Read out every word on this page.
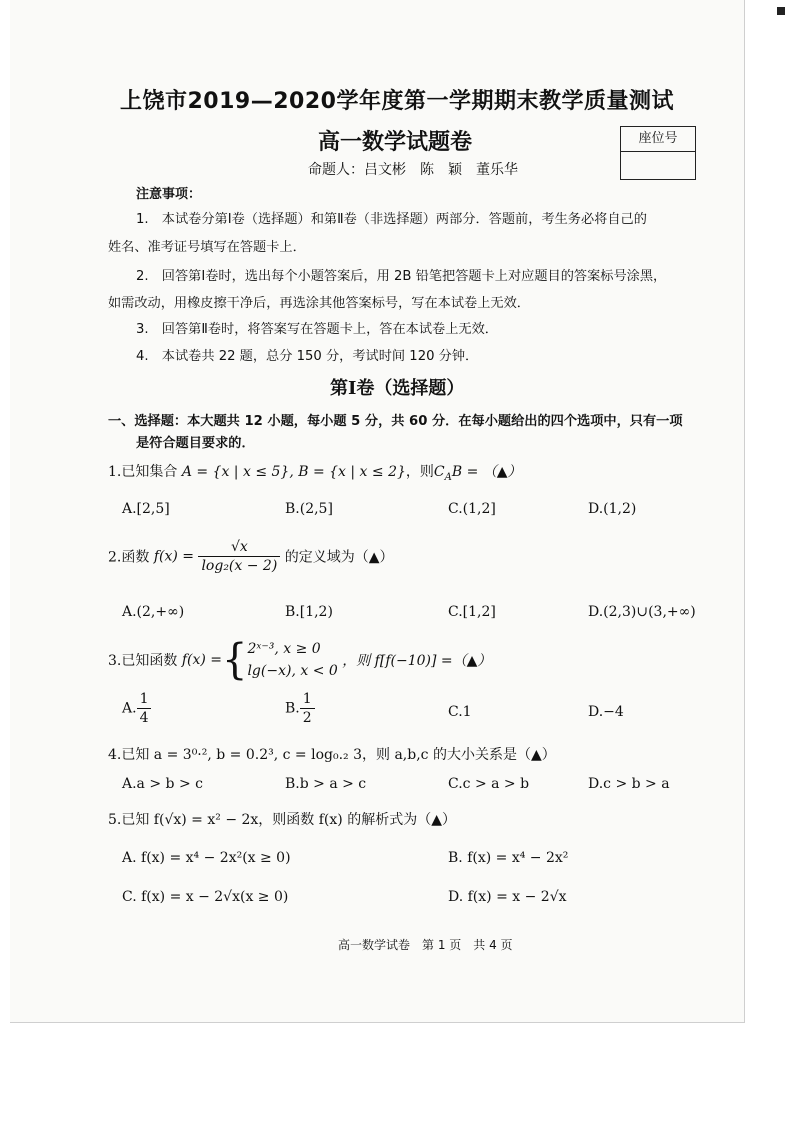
上饶市2019—2020学年度第一学期期末教学质量测试
高一数学试题卷	座位号
命题人：吕文彬　陈　颖　董乐华
注意事项：
1.　本试卷分第Ⅰ卷（选择题）和第Ⅱ卷（非选择题）两部分．答题前，考生务必将自己的
姓名、准考证号填写在答题卡上．
2.　回答第Ⅰ卷时，选出每个小题答案后，用 2B 铅笔把答题卡上对应题目的答案标号涂黑，
如需改动，用橡皮擦干净后，再选涂其他答案标号，写在本试卷上无效．
3.　回答第Ⅱ卷时，将答案写在答题卡上，答在本试卷上无效．
4.　本试卷共 22 题，总分 150 分，考试时间 120 分钟．
第Ⅰ卷（选择题）
一、选择题：本大题共 12 小题，每小题 5 分，共 60 分．在每小题给出的四个选项中，只有一项
是符合题目要求的．
1.已知集合 A = {x | x ≤ 5}, B = {x | x ≤ 2}，则$C_AB$ = （▲）
A.[2,5]	B.(2,5]	C.(1,2]	D.(1,2)
2.函数 $f(x) = \frac{√x}{\text{log₂(x − 2)}}$ 的定义域为（▲）
A.(2,+∞)	B.[1,2)	C.[1,2]	D.(2,3)∪(3,+∞)
3.已知函数 f(x) ={ 2ˣ⁻³, x ≥ 0
lg(−x), x < 0
，则 f[f(−10)] =（▲）
A. $\frac{1}{4}$	B. $\frac{1}{2}$	C.1	D.−4
4.已知 a = 3⁰·², b = 0.2³, c = log₀.₂ 3，则 a,b,c 的大小关系是（▲）
A.a > b > c	B.b > a > c	C.c > a > b	D.c > b > a
5.已知 f(√x) = x² − 2x，则函数 f(x) 的解析式为（▲）
A. f(x) = x⁴ − 2x²(x ≥ 0)	B. f(x) = x⁴ − 2x²
C. f(x) = x − 2√x(x ≥ 0)	D. f(x) = x − 2√x
高一数学试卷　第 1 页　共 4 页
